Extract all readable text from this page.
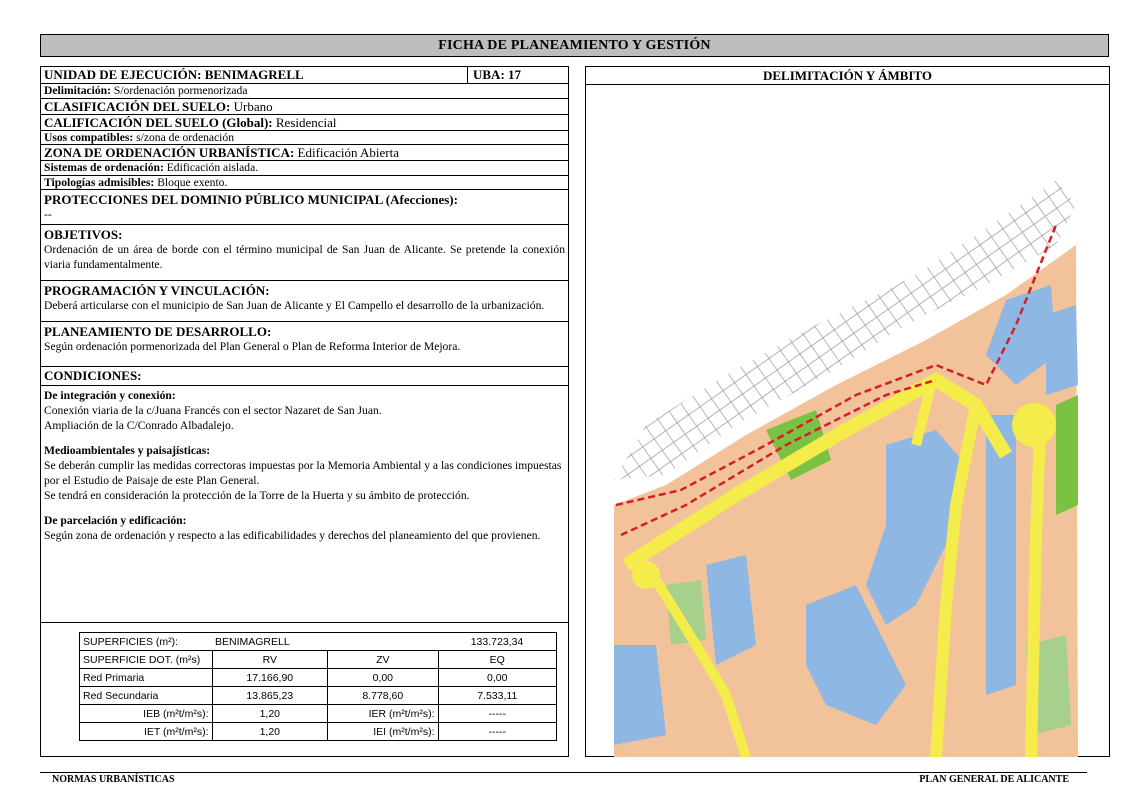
FICHA DE PLANEAMIENTO Y GESTIÓN
UNIDAD DE EJECUCIÓN: BENIMAGRELL	UBA: 17
Delimitación: S/ordenación pormenorizada
CLASIFICACIÓN DEL SUELO: Urbano
CALIFICACIÓN DEL SUELO (Global): Residencial
Usos compatibles: s/zona de ordenación
ZONA DE ORDENACIÓN URBANÍSTICA: Edificación Abierta
Sistemas de ordenación: Edificación aislada.
Tipologías admisibles: Bloque exento.

PROTECCIONES DEL DOMINIO PÚBLICO MUNICIPAL (Afecciones):

--

OBJETIVOS:

Ordenación de un área de borde con el término municipal de San Juan de Alicante. Se pretende la conexión viaria fundamentalmente.

PROGRAMACIÓN Y VINCULACIÓN:

Deberá articularse con el municipio de San Juan de Alicante y El Campello el desarrollo de la urbanización.

PLANEAMIENTO DE DESARROLLO:

Según ordenación pormenorizada del Plan General o Plan de Reforma Interior de Mejora.

CONDICIONES:

De integración y conexión:

Conexión viaria de la c/Juana Francés con el sector Nazaret de San Juan.

Ampliación de la C/Conrado Albadalejo.

Medioambientales y paisajísticas:

Se deberán cumplir las medidas correctoras impuestas por la Memoria Ambiental y a las condiciones impuestas por el Estudio de Paisaje de este Plan General.

Se tendrá en consideración la protección de la Torre de la Huerta y su ámbito de protección.

De parcelación y edificación:

Según zona de ordenación y respecto a las edificabilidades y derechos del planeamiento del que provienen.

SUPERFICIES (m²):	BENIMAGRELL		133.723,34
SUPERFICIE DOT. (m²s)	RV	ZV	EQ
Red Primaria	17.166,90	0,00	0,00
Red Secundaria	13.865,23	8.778,60	7.533,11
IEB (m²t/m²s):	1,20	IER (m²t/m²s):	-----
IET (m²t/m²s):	1,20	IEI (m²t/m²s):	-----
DELIMITACIÓN Y ÁMBITO
NORMAS URBANÍSTICAS	PLAN GENERAL DE ALICANTE
